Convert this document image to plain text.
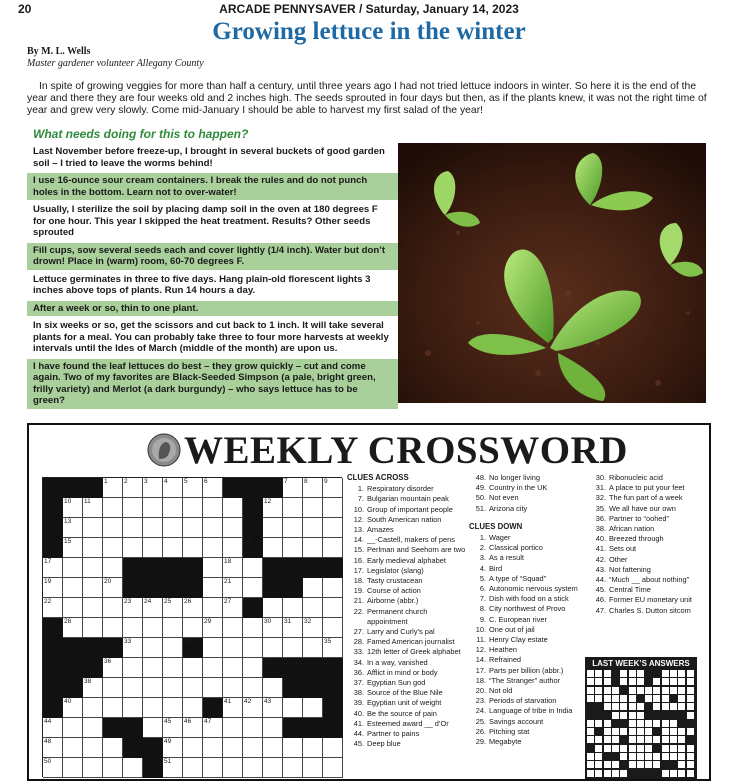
20	ARCADE PENNYSAVER / Saturday, January 14, 2023
Growing lettuce in the winter
By M. L. Wells
Master gardener volunteer Allegany County

In spite of growing veggies for more than half a century, until three years ago I had not tried lettuce indoors in winter. So here it is the end of the year and there they are four weeks old and 2 inches high. The seeds sprouted in four days but then, as if the plants knew, it was not the right time of year and grew very slowly. Come mid-January I should be able to harvest my first salad of the year!

What needs doing for this to happen?
Last November before freeze-up, I brought in several buckets of good garden soil – I tried to leave the worms behind!
I use 16-ounce sour cream containers. I break the rules and do not punch holes in the bottom. Learn not to over-water!
Usually, I sterilize the soil by placing damp soil in the oven at 180 degrees F for one hour. This year I skipped the heat treatment. Results? Other seeds sprouted
Fill cups, sow several seeds each and cover lightly (1/4 inch). Water but don’t drown! Place in (warm) room, 60-70 degrees F.
Lettuce germinates in three to five days. Hang plain-old florescent lights 3 inches above tops of plants. Run 14 hours a day.
After a week or so, thin to one plant.
In six weeks or so, get the scissors and cut back to 1 inch. It will take several plants for a meal. You can probably take three to four more harvests at weekly intervals until the Ides of March (middle of the month) are upon us.
I have found the leaf lettuces do best – they grow quickly – cut and come again. Two of my favorites are Black-Seeded Simpson (a pale, bright green, frilly variety) and Merlot (a dark burgundy) – who says lettuce has to be green?
WEEKLY CROSSWORD
1	2	3	4	5	6	7	8	9
10 11	12
13	14
15	16
17	18
19	20	21
22	23 24 25 26	27
28	29	30 31 32
33	34	35
36	37
38	39
40	41 42 43
44	45 46 47
48	49
50	51
CLUES ACROSS
1. Respiratory disorder
7. Bulgarian mountain peak
10. Group of important people
12. South American nation
13. Amazes
14. __-Castell, makers of pens
15. Perlman and Seehorn are two
16. Early medieval alphabet
17. Legislator (slang)
18. Tasty crustacean
19. Course of action
21. Airborne (abbr.)
22. Permanent church appointment
27. Larry and Curly’s pal
28. Famed American journalist
33. 12th letter of Greek alphabet
34. In a way, vanished
36. Afflict in mind or body
37. Egyptian Sun god
38. Source of the Blue Nile
39. Egyptian unit of weight
40. Be the source of pain
41. Esteemed award __ d’Or
44. Partner to pains
45. Deep blue
48. No longer living
49. Country in the UK
50. Not even
51. Arizona city
CLUES DOWN
1. Wager
2. Classical portico
3. As a result
4. Bird
5. A type of “Squad”
6. Autonomic nervous system
7. Dish with food on a stick
8. City northwest of Provo
9. C. European river
10. One out of jail
11. Henry Clay estate
12. Heathen
14. Refrained
17. Parts per billion (abbr.)
18. “The Stranger” author
20. Not old
23. Periods of starvation
24. Language of tribe in India
25. Savings account
26. Pitching stat
29. Megabyte
30. Ribonucleic acid
31. A place to put your feet
32. The fun part of a week
35. We all have our own
36. Partner to “oohed”
38. African nation
40. Breezed through
41. Sets out
42. Other
43. Not fattening
44. “Much __ about nothing”
45. Central Time
46. Former EU monetary unit
47. Charles S. Dutton sitcom
LAST WEEK’S ANSWERS
